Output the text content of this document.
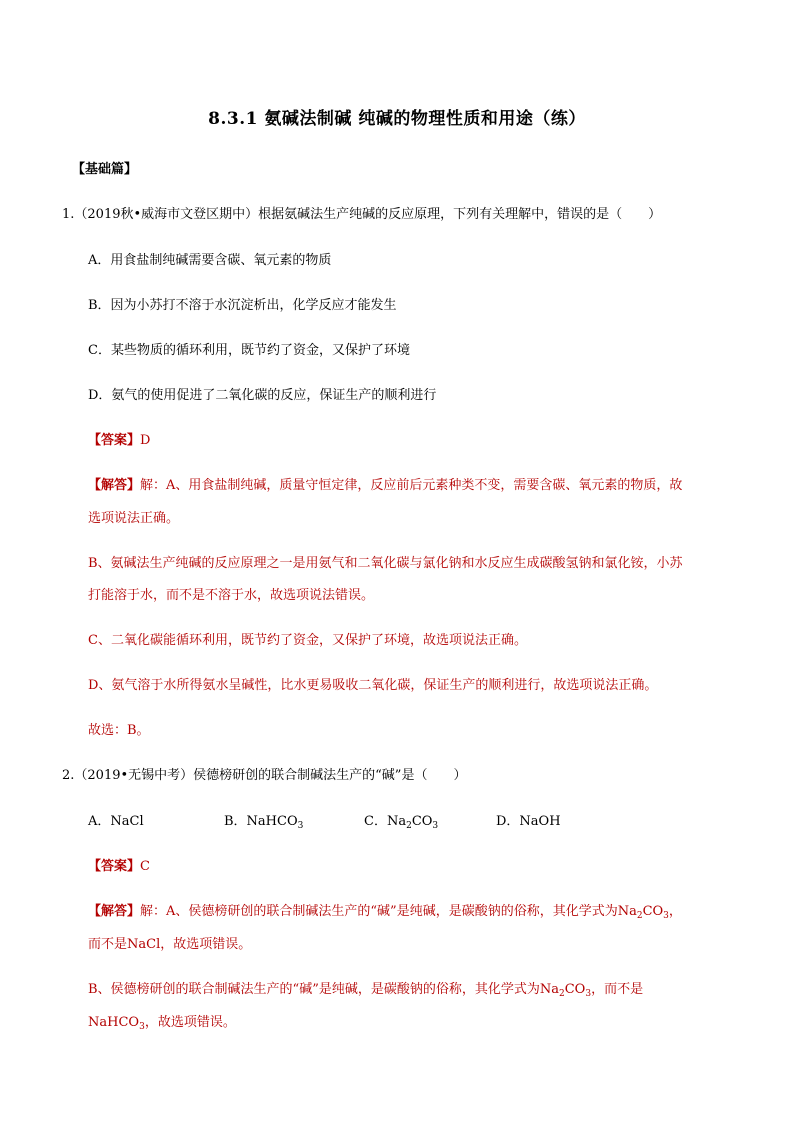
8.3.1 氨碱法制碱 纯碱的物理性质和用途（练）
【基础篇】
1.（2019秋•威海市文登区期中）根据氨碱法生产纯碱的反应原理，下列有关理解中，错误的是（　　）
A．用食盐制纯碱需要含碳、氧元素的物质
B．因为小苏打不溶于水沉淀析出，化学反应才能发生
C．某些物质的循环利用，既节约了资金，又保护了环境
D．氨气的使用促进了二氧化碳的反应，保证生产的顺利进行
【答案】D
【解答】解：A、用食盐制纯碱，质量守恒定律，反应前后元素种类不变，需要含碳、氧元素的物质，故
选项说法正确。
B、氨碱法生产纯碱的反应原理之一是用氨气和二氧化碳与氯化钠和水反应生成碳酸氢钠和氯化铵，小苏
打能溶于水，而不是不溶于水，故选项说法错误。
C、二氧化碳能循环利用，既节约了资金，又保护了环境，故选项说法正确。
D、氨气溶于水所得氨水呈碱性，比水更易吸收二氧化碳，保证生产的顺利进行，故选项说法正确。
故选：B。
2.（2019•无锡中考）侯德榜研创的联合制碱法生产的“碱”是（　　）
A．NaCl	B．NaHCO$_3$	C．$Na_2CO_3$	D．NaOH
【答案】C
【解答】解：A、侯德榜研创的联合制碱法生产的“碱”是纯碱，是碳酸钠的俗称，其化学式为$Na_2CO_3$，
而不是NaCl，故选项错误。
B、侯德榜研创的联合制碱法生产的“碱”是纯碱，是碳酸钠的俗称，其化学式为$Na_2CO_3$，而不是
NaHCO$_3$，故选项错误。
